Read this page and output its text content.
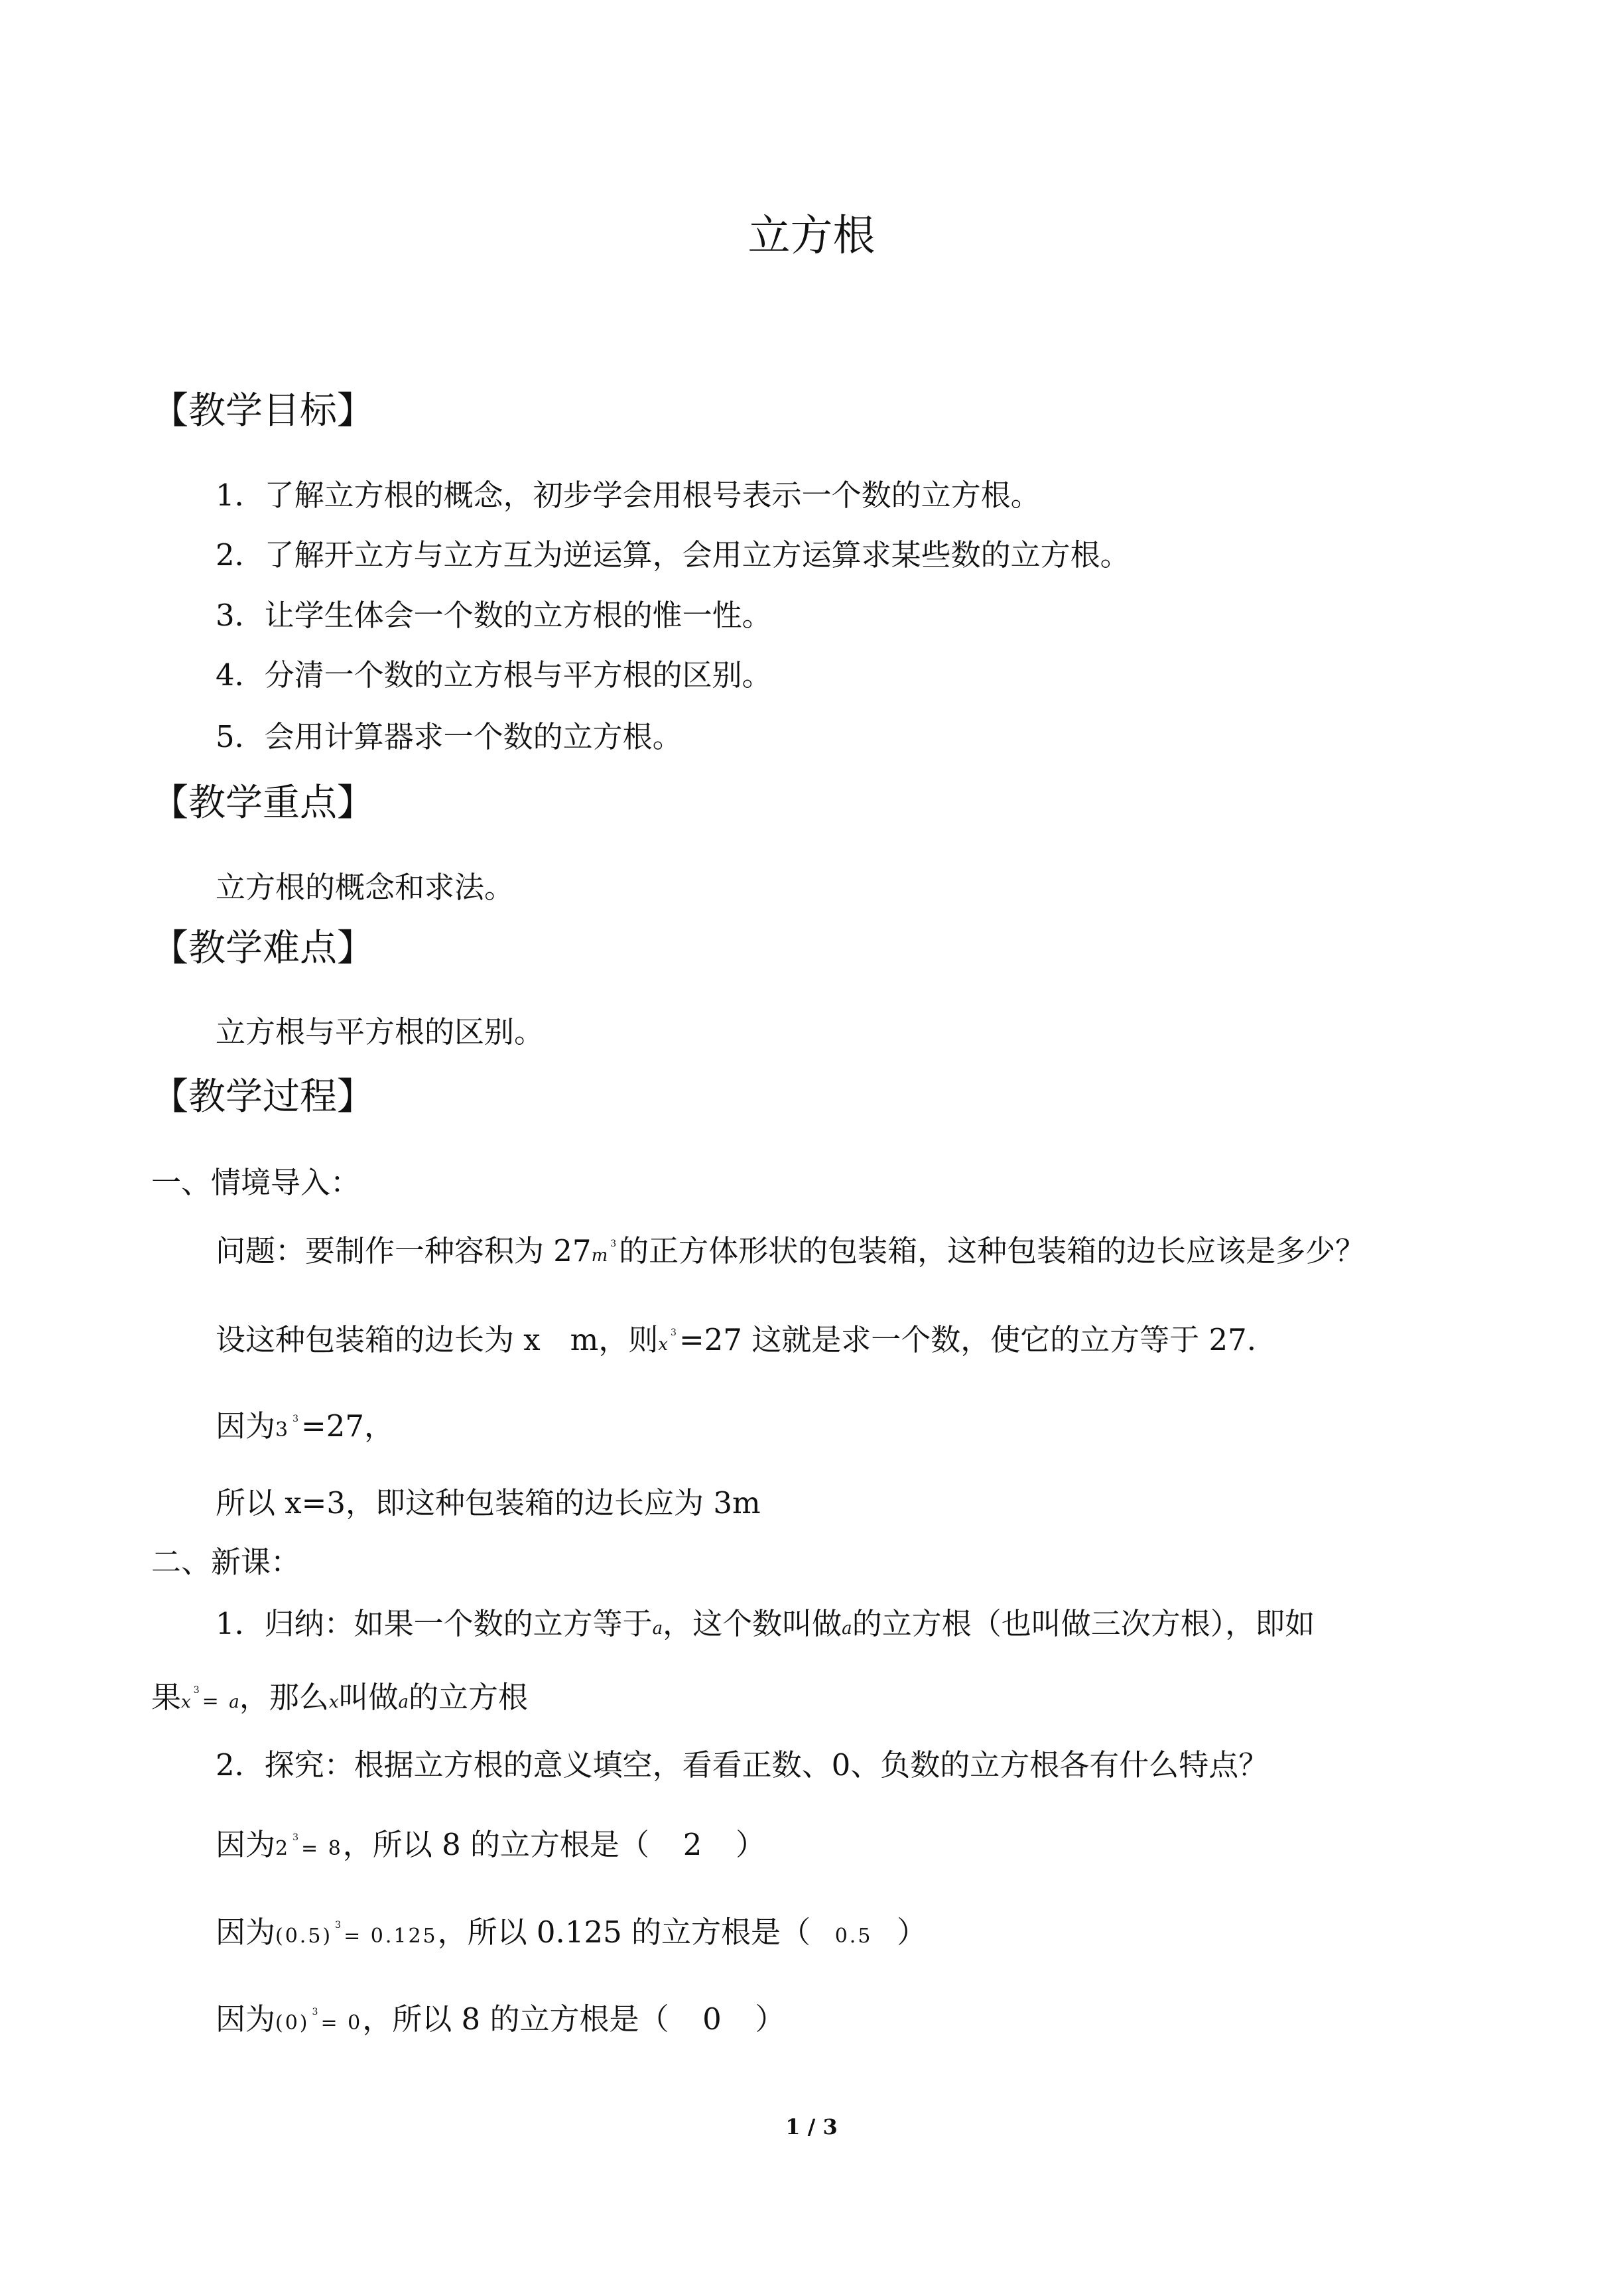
立方根
【教学目标】
1．了解立方根的概念，初步学会用根号表示一个数的立方根。
2．了解开立方与立方互为逆运算，会用立方运算求某些数的立方根。
3．让学生体会一个数的立方根的惟一性。
4．分清一个数的立方根与平方根的区别。
5．会用计算器求一个数的立方根。
【教学重点】
立方根的概念和求法。
【教学难点】
立方根与平方根的区别。
【教学过程】
一、情境导入：
问题：要制作一种容积为 $27m^3$的正方体形状的包装箱，这种包装箱的边长应该是多少？
设这种包装箱的边长为 x　m，则$x^3=27$ 这就是求一个数，使它的立方等于 27.
因为3 $^3$=27，
所以 x=3，即这种包装箱的边长应为 3m
二、新课：
1．归纳：如果一个数的立方等于a，这个数叫做a的立方根（也叫做三次方根），即如
果$x^3 = a$，那么x叫做a的立方根
2．探究：根据立方根的意义填空，看看正数、0、负数的立方根各有什么特点？
因为2 $^3$ = 8，所以 8 的立方根是（ 2 ）
因为(0.5) $^3$ = 0.125，所以 0.125 的立方根是（ 0.5 ）
因为(0) $^3$ = 0，所以 8 的立方根是（ 0 ）
1 / 3
